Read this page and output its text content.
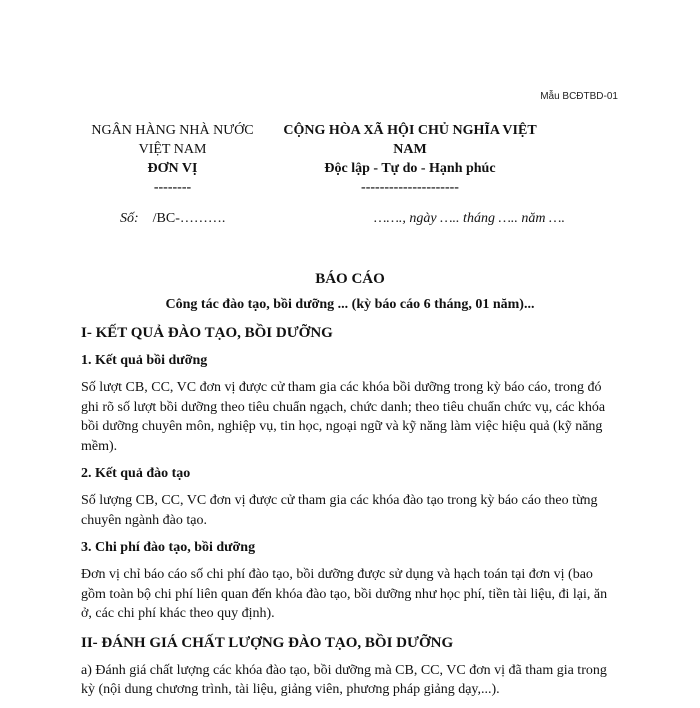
Mẫu BCĐTBD-01
NGÂN HÀNG NHÀ NƯỚC
VIỆT NAM
ĐƠN VỊ
--------
CỘNG HÒA XÃ HỘI CHỦ NGHĨA VIỆT
NAM
Độc lập - Tự do - Hạnh phúc
---------------------
Số: /BC-……….	……., ngày ….. tháng ….. năm ….
BÁO CÁO
Công tác đào tạo, bồi dưỡng ... (kỳ báo cáo 6 tháng, 01 năm)...
I- KẾT QUẢ ĐÀO TẠO, BỒI DƯỠNG
1. Kết quả bồi dưỡng
Số lượt CB, CC, VC đơn vị được cử tham gia các khóa bồi dưỡng trong kỳ báo cáo, trong đó ghi rõ số lượt bồi dưỡng theo tiêu chuẩn ngạch, chức danh; theo tiêu chuẩn chức vụ, các khóa bồi dưỡng chuyên môn, nghiệp vụ, tin học, ngoại ngữ và kỹ năng làm việc hiệu quả (kỹ năng mềm).
2. Kết quả đào tạo
Số lượng CB, CC, VC đơn vị được cử tham gia các khóa đào tạo trong kỳ báo cáo theo từng chuyên ngành đào tạo.
3. Chi phí đào tạo, bồi dưỡng
Đơn vị chỉ báo cáo số chi phí đào tạo, bồi dưỡng được sử dụng và hạch toán tại đơn vị (bao gồm toàn bộ chi phí liên quan đến khóa đào tạo, bồi dưỡng như học phí, tiền tài liệu, đi lại, ăn ở, các chi phí khác theo quy định).
II- ĐÁNH GIÁ CHẤT LƯỢNG ĐÀO TẠO, BỒI DƯỠNG
a) Đánh giá chất lượng các khóa đào tạo, bồi dưỡng mà CB, CC, VC đơn vị đã tham gia trong kỳ (nội dung chương trình, tài liệu, giảng viên, phương pháp giảng dạy,...).
